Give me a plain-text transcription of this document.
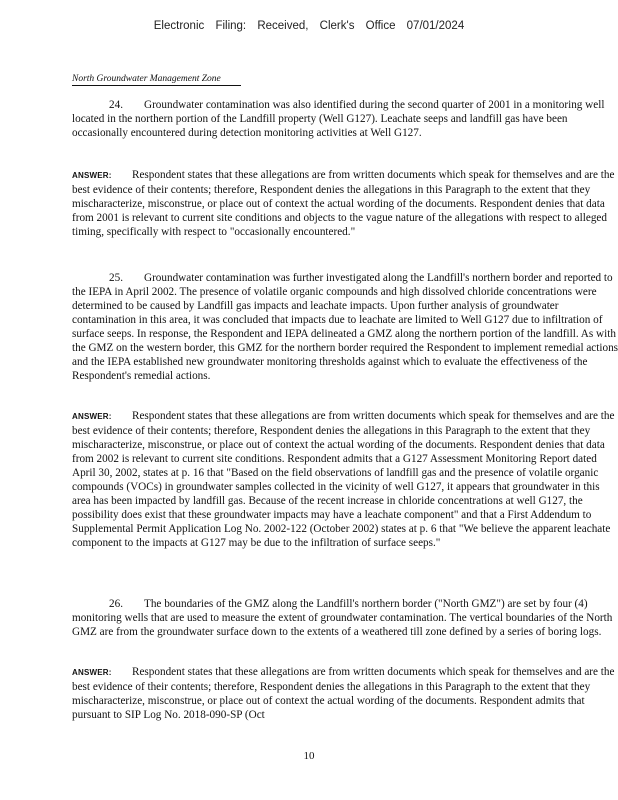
Electronic Filing: Received, Clerk's Office 07/01/2024
North Groundwater Management Zone

24. Groundwater contamination was also identified during the second quarter of 2001 in a monitoring well located in the northern portion of the Landfill property (Well G127). Leachate seeps and landfill gas have been occasionally encountered during detection monitoring activities at Well G127.

ANSWER: Respondent states that these allegations are from written documents which speak for themselves and are the best evidence of their contents; therefore, Respondent denies the allegations in this Paragraph to the extent that they mischaracterize, misconstrue, or place out of context the actual wording of the documents. Respondent denies that data from 2001 is relevant to current site conditions and objects to the vague nature of the allegations with respect to alleged timing, specifically with respect to "occasionally encountered."

25. Groundwater contamination was further investigated along the Landfill's northern border and reported to the IEPA in April 2002. The presence of volatile organic compounds and high dissolved chloride concentrations were determined to be caused by Landfill gas impacts and leachate impacts. Upon further analysis of groundwater contamination in this area, it was concluded that impacts due to leachate are limited to Well G127 due to infiltration of surface seeps. In response, the Respondent and IEPA delineated a GMZ along the northern portion of the landfill. As with the GMZ on the western border, this GMZ for the northern border required the Respondent to implement remedial actions and the IEPA established new groundwater monitoring thresholds against which to evaluate the effectiveness of the Respondent's remedial actions.

ANSWER: Respondent states that these allegations are from written documents which speak for themselves and are the best evidence of their contents; therefore, Respondent denies the allegations in this Paragraph to the extent that they mischaracterize, misconstrue, or place out of context the actual wording of the documents. Respondent denies that data from 2002 is relevant to current site conditions. Respondent admits that a G127 Assessment Monitoring Report dated April 30, 2002, states at p. 16 that "Based on the field observations of landfill gas and the presence of volatile organic compounds (VOCs) in groundwater samples collected in the vicinity of well G127, it appears that groundwater in this area has been impacted by landfill gas. Because of the recent increase in chloride concentrations at well G127, the possibility does exist that these groundwater impacts may have a leachate component" and that a First Addendum to Supplemental Permit Application Log No. 2002-122 (October 2002) states at p. 6 that "We believe the apparent leachate component to the impacts at G127 may be due to the infiltration of surface seeps."

26. The boundaries of the GMZ along the Landfill's northern border ("North GMZ") are set by four (4) monitoring wells that are used to measure the extent of groundwater contamination. The vertical boundaries of the North GMZ are from the groundwater surface down to the extents of a weathered till zone defined by a series of boring logs.

ANSWER: Respondent states that these allegations are from written documents which speak for themselves and are the best evidence of their contents; therefore, Respondent denies the allegations in this Paragraph to the extent that they mischaracterize, misconstrue, or place out of context the actual wording of the documents. Respondent admits that pursuant to SIP Log No. 2018-090-SP (Oct

10
